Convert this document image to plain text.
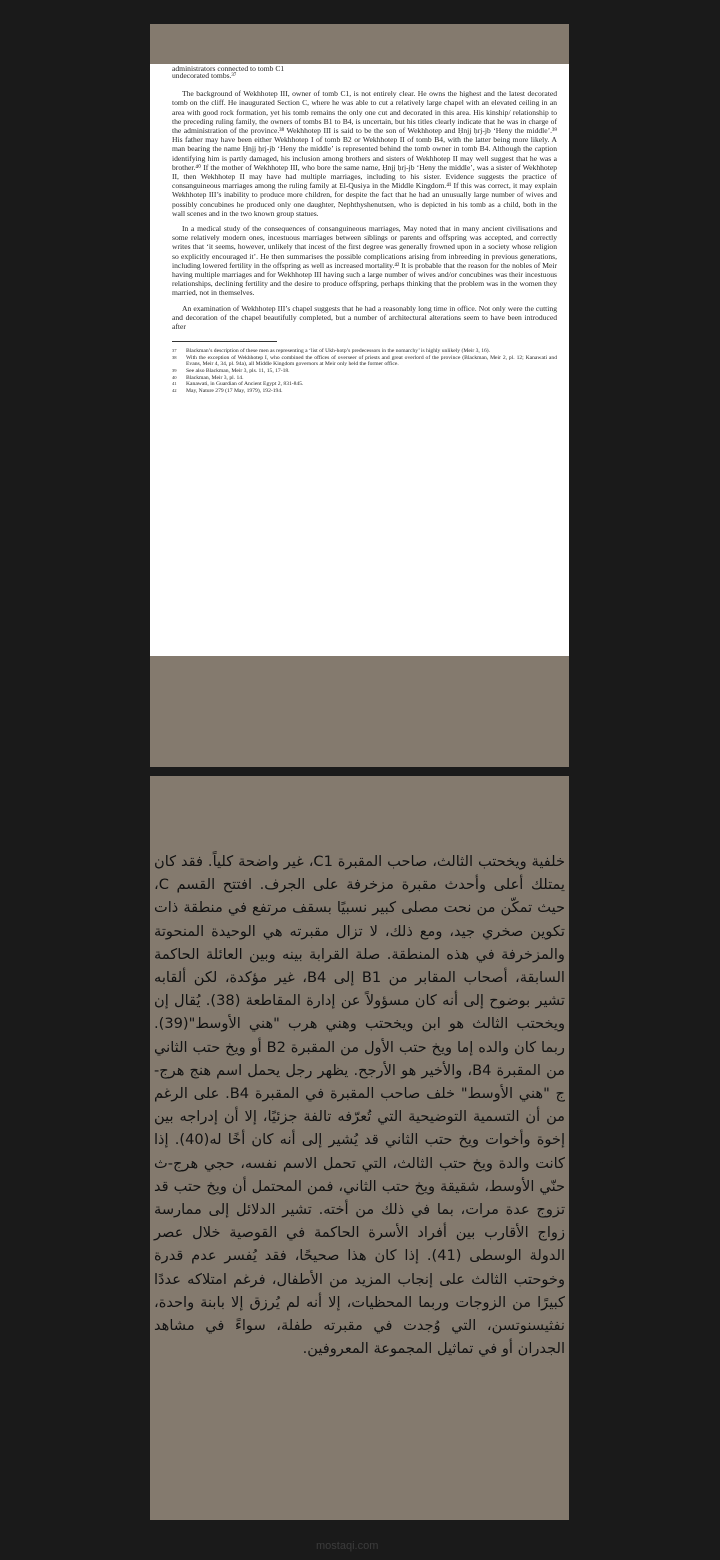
administrators connected to tomb C1

undecorated tombs.³⁷

The background of Wekhhotep III, owner of tomb C1, is not entirely clear. He owns the highest and the latest decorated tomb on the cliff. He inaugurated Section C, where he was able to cut a relatively large chapel with an elevated ceiling in an area with good rock formation, yet his tomb remains the only one cut and decorated in this area. His kinship/ relationship to the preceding ruling family, the owners of tombs B1 to B4, is uncertain, but his titles clearly indicate that he was in charge of the administration of the province.³⁸ Wekhhotep III is said to be the son of Wekhhotep and Ḥnjj ḥrj-jb ‘Heny the middle’.³⁹ His father may have been either Wekhhotep I of tomb B2 or Wekhhotep II of tomb B4, with the latter being more likely. A man bearing the name Ḥnjj ḥrj-jb ‘Heny the middle’ is represented behind the tomb owner in tomb B4. Although the caption identifying him is partly damaged, his inclusion among brothers and sisters of Wekhhotep II may well suggest that he was a brother.⁴⁰ If the mother of Wekhhotep III, who bore the same name, Ḥnjj ḥrj-jb ‘Heny the middle’, was a sister of Wekhhotep II, then Wekhhotep II may have had multiple marriages, including to his sister. Evidence suggests the practice of consanguineous marriages among the ruling family at El-Qusiya in the Middle Kingdom.⁴¹ If this was correct, it may explain Wekhhotep III’s inability to produce more children, for despite the fact that he had an unusually large number of wives and possibly concubines he produced only one daughter, Nephthyshenutsen, who is depicted in his tomb as a child, both in the wall scenes and in the two known group statues.

In a medical study of the consequences of consanguineous marriages, May noted that in many ancient civilisations and some relatively modern ones, incestuous marriages between siblings or parents and offspring was accepted, and correctly writes that ‘it seems, however, unlikely that incest of the first degree was generally frowned upon in a society whose religion so explicitly encouraged it’. He then summarises the possible complications arising from inbreeding in previous generations, including lowered fertility in the offspring as well as increased mortality.⁴² It is probable that the reason for the nobles of Meir having multiple marriages and for Wekhhotep III having such a large number of wives and/or concubines was their incestuous relationships, declining fertility and the desire to produce offspring, perhaps thinking that the problem was in the women they married, not in themselves.

An examination of Wekhhotep III’s chapel suggests that he had a reasonably long time in office. Not only were the cutting and decoration of the chapel beautifully completed, but a number of architectural alterations seem to have been introduced after

37	Blackman’s description of these men as representing a ‘list of Ukh-hotp’s predecessors in the nomarchy’ is highly unlikely (Meir 3, 16).
38	With the exception of Wekhhotep I, who combined the offices of overseer of priests and great overlord of the province (Blackman, Meir 2, pl. 12; Kanawati and Evans, Meir 4, 34, pl. 94a), all Middle Kingdom governors at Meir only held the former office.
39	See also Blackman, Meir 3, pls. 11, 15, 17-18.
40	Blackman, Meir 3, pl. 14.
41	Kanawati, in Guardian of Ancient Egypt 2, 831-845.
42	May, Nature 279 (17 May, 1979), 192-194.
خلفية ويخحتب الثالث، صاحب المقبرة C1، غير واضحة كلياً. فقد كان يمتلك أعلى وأحدث مقبرة مزخرفة على الجرف. افتتح القسم C، حيث تمكّن من نحت مصلى كبير نسبيًا بسقف مرتفع في منطقة ذات تكوين صخري جيد، ومع ذلك، لا تزال مقبرته هي الوحيدة المنحوتة والمزخرفة في هذه المنطقة. صلة القرابة بينه وبين العائلة الحاكمة السابقة، أصحاب المقابر من B1 إلى B4، غير مؤكدة، لكن ألقابه تشير بوضوح إلى أنه كان مسؤولاً عن إدارة المقاطعة (38). يُقال إن ويخحتب الثالث هو ابن ويخحتب وهني هرب "هني الأوسط"(39). ربما كان والده إما ويخ حتب الأول من المقبرة B2 أو ويخ حتب الثاني من المقبرة B4، والأخير هو الأرجح. يظهر رجل يحمل اسم هنج هرج-ج "هني الأوسط" خلف صاحب المقبرة في المقبرة B4. على الرغم من أن التسمية التوضيحية التي تُعرّفه تالفة جزئيًا، إلا أن إدراجه بين إخوة وأخوات ويخ حتب الثاني قد يُشير إلى أنه كان أخًا له(40). إذا كانت والدة ويخ حتب الثالث، التي تحمل الاسم نفسه، حجي هرج-ث حنّي الأوسط، شقيقة ويخ حتب الثاني، فمن المحتمل أن ويخ حتب قد تزوج عدة مرات، بما في ذلك من أخته. تشير الدلائل إلى ممارسة زواج الأقارب بين أفراد الأسرة الحاكمة في القوصية خلال عصر الدولة الوسطى (41). إذا كان هذا صحيحًا، فقد يُفسر عدم قدرة وخوحتب الثالث على إنجاب المزيد من الأطفال، فرغم امتلاكه عددًا كبيرًا من الزوجات وربما المحظيات، إلا أنه لم يُرزق إلا بابنة واحدة، نفثيسنوتسن، التي وُجدت في مقبرته طفلة، سواءً في مشاهد الجدران أو في تماثيل المجموعة المعروفين.
mostaqi.com
